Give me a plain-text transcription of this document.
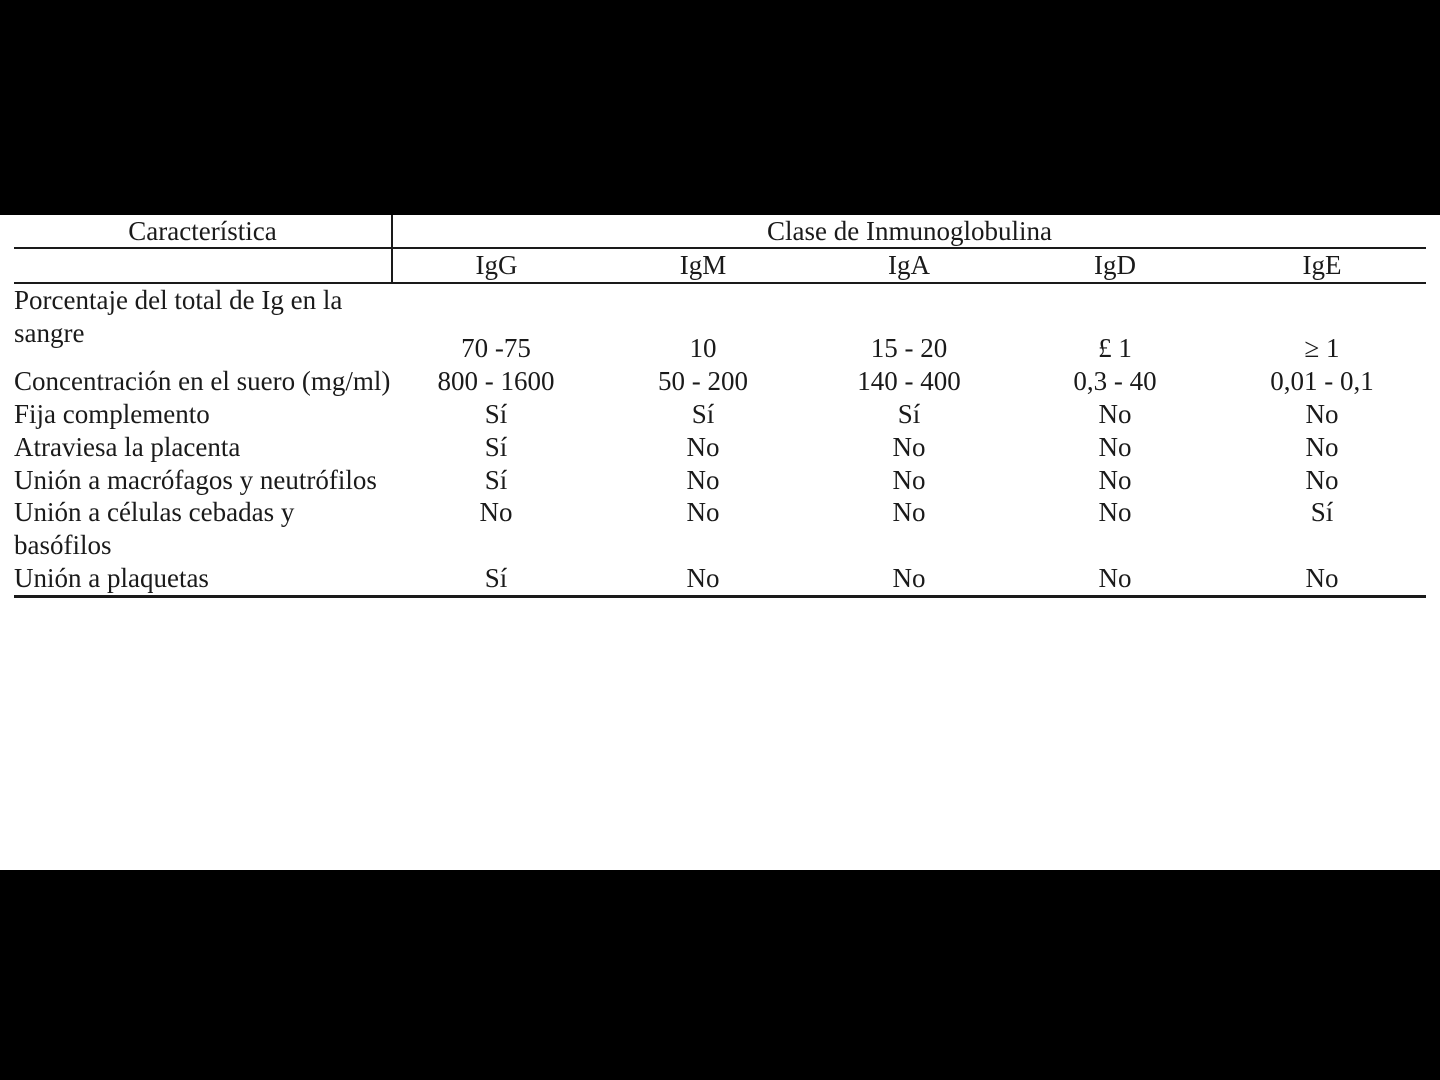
Característica	Clase de Inmunoglobulina				
	IgG	IgM	IgA	IgD	IgE
Porcentaje del total de Ig en la sangre	70 -75	10	15 - 20	£ 1	≥ 1
Concentración en el suero (mg/ml)	800 - 1600	50 - 200	140 - 400	0,3 - 40	0,01 - 0,1
Fija complemento	Sí	Sí	Sí	No	No
Atraviesa la placenta	Sí	No	No	No	No
Unión a macrófagos y neutrófilos	Sí	No	No	No	No
Unión a células cebadas y basófilos	No	No	No	No	Sí
Unión a plaquetas	Sí	No	No	No	No
